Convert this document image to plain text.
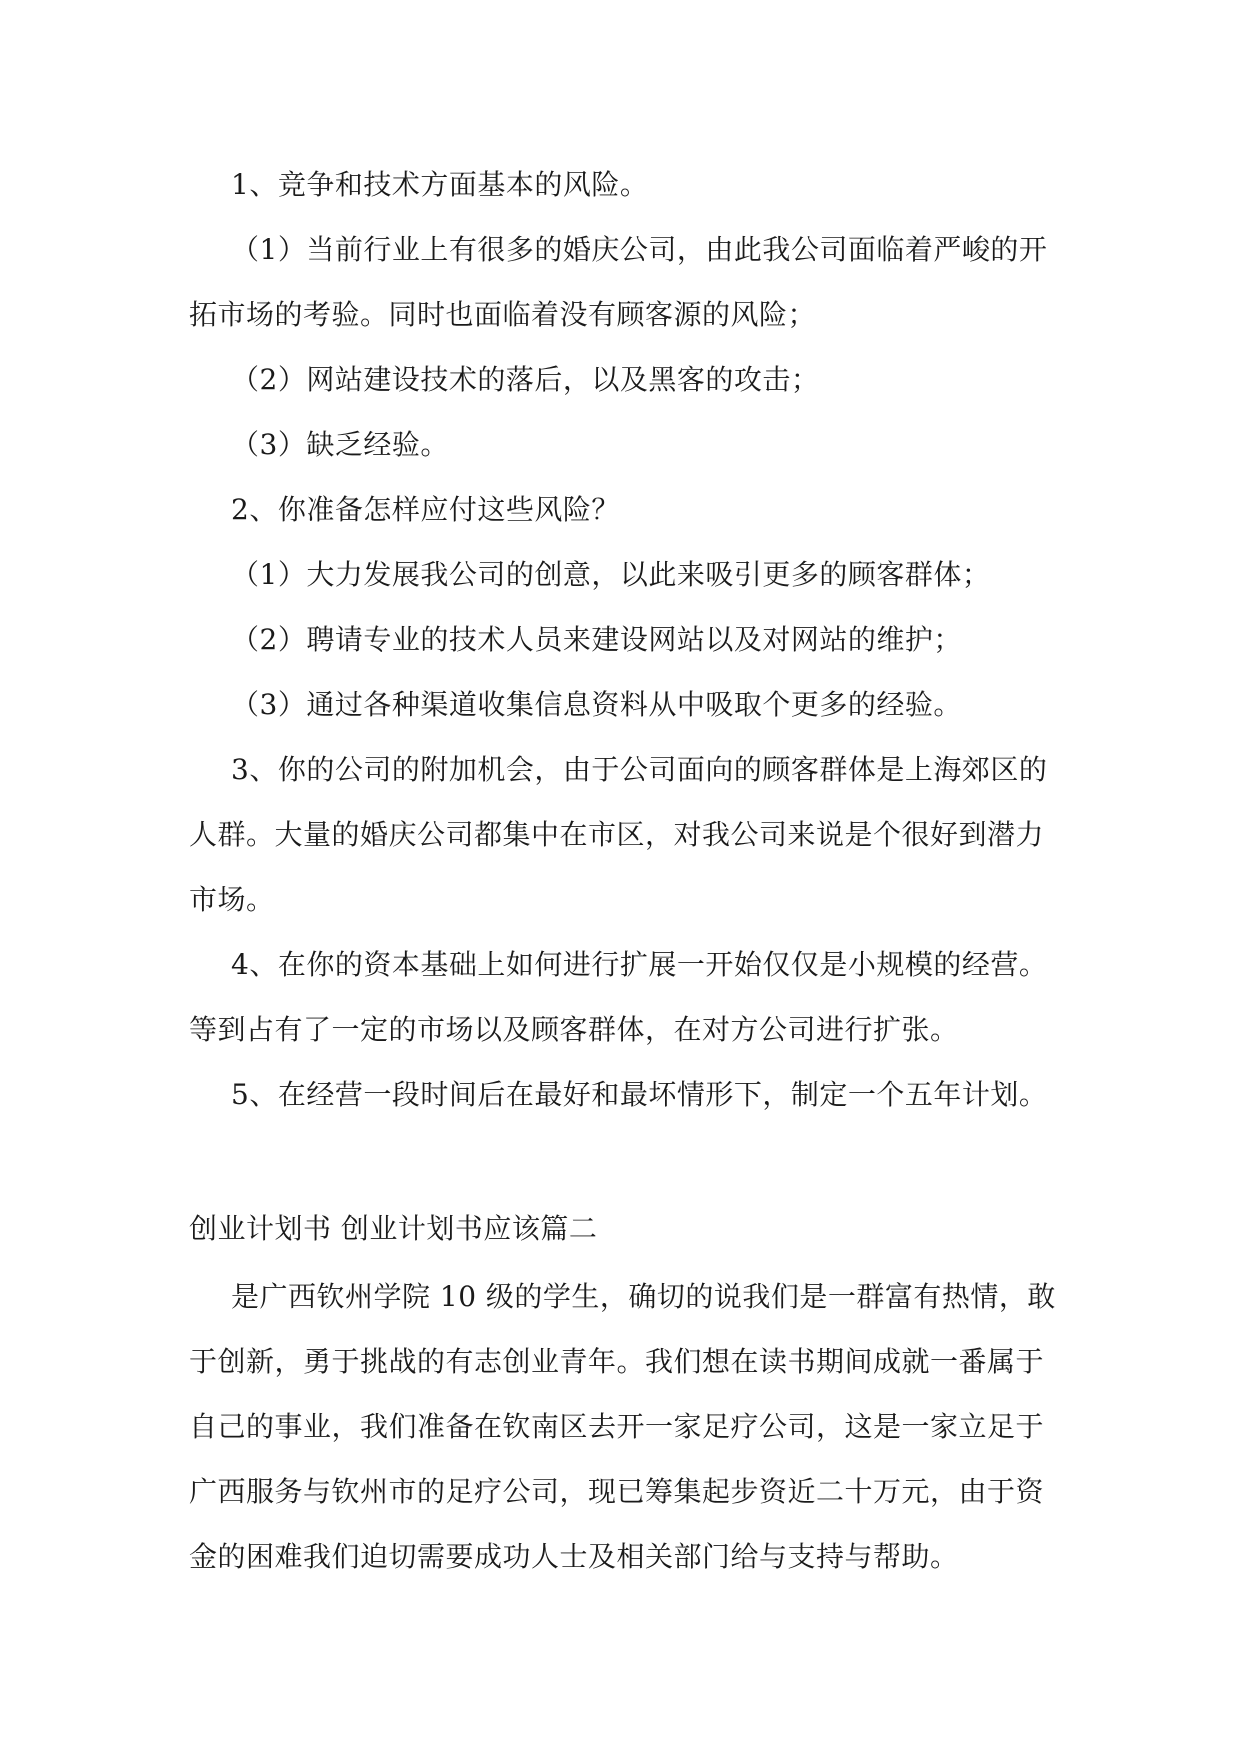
1、竞争和技术方面基本的风险。

（1）当前行业上有很多的婚庆公司，由此我公司面临着严峻的开拓市场的考验。同时也面临着没有顾客源的风险；

（2）网站建设技术的落后，以及黑客的攻击；

（3）缺乏经验。

2、你准备怎样应付这些风险？

（1）大力发展我公司的创意，以此来吸引更多的顾客群体；

（2）聘请专业的技术人员来建设网站以及对网站的维护；

（3）通过各种渠道收集信息资料从中吸取个更多的经验。

3、你的公司的附加机会，由于公司面向的顾客群体是上海郊区的人群。大量的婚庆公司都集中在市区，对我公司来说是个很好到潜力市场。

4、在你的资本基础上如何进行扩展一开始仅仅是小规模的经营。等到占有了一定的市场以及顾客群体，在对方公司进行扩张。

5、在经营一段时间后在最好和最坏情形下，制定一个五年计划。

创业计划书 创业计划书应该篇二

是广西钦州学院 10 级的学生，确切的说我们是一群富有热情，敢于创新，勇于挑战的有志创业青年。我们想在读书期间成就一番属于自己的事业，我们准备在钦南区去开一家足疗公司，这是一家立足于广西服务与钦州市的足疗公司，现已筹集起步资近二十万元，由于资金的困难我们迫切需要成功人士及相关部门给与支持与帮助。
